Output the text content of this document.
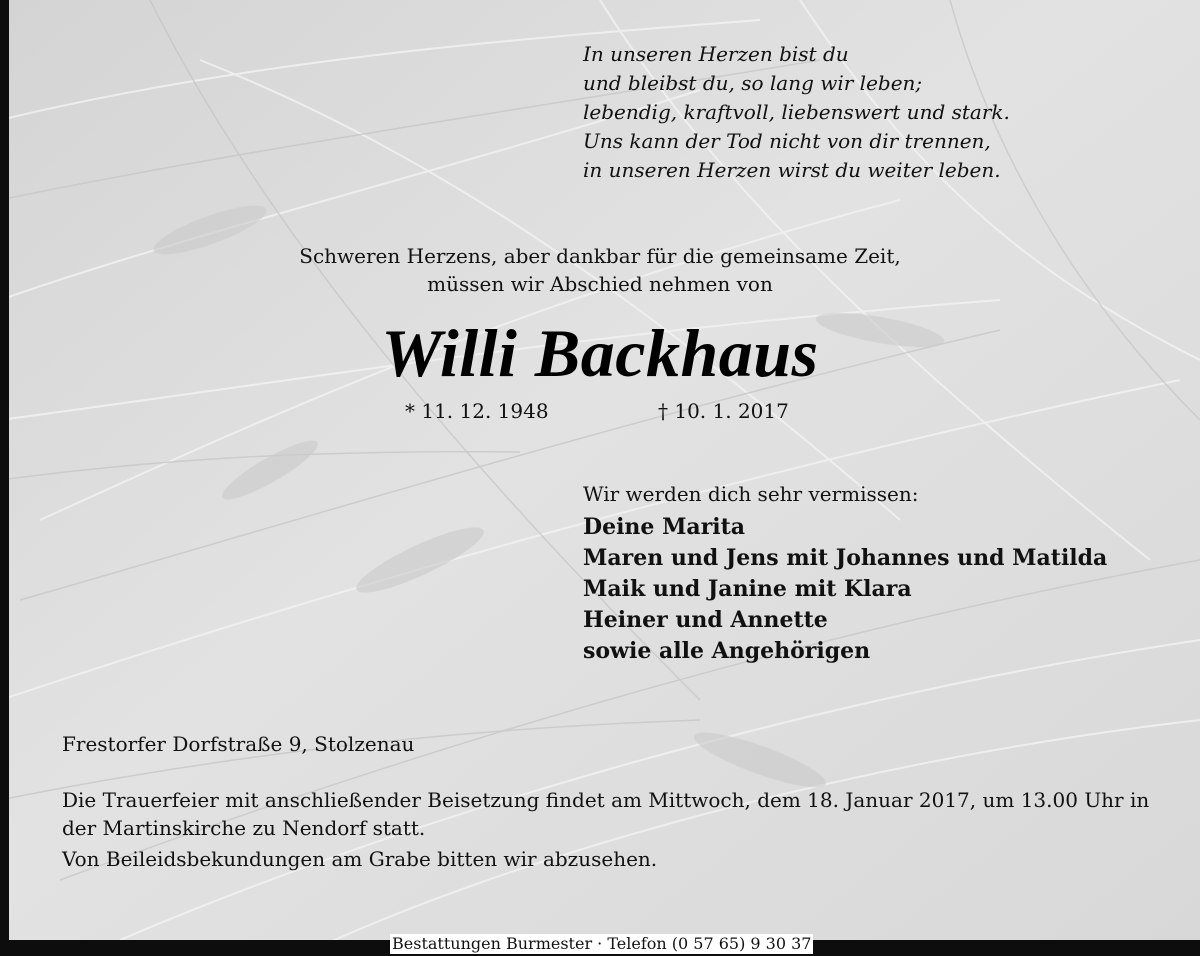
In unseren Herzen bist du
und bleibst du, so lang wir leben;
lebendig, kraftvoll, liebenswert und stark.
Uns kann der Tod nicht von dir trennen,
in unseren Herzen wirst du weiter leben.
Schweren Herzens, aber dankbar für die gemeinsame Zeit,
müssen wir Abschied nehmen von
Willi Backhaus
* 11. 12. 1948	† 10. 1. 2017
Wir werden dich sehr vermissen:
Deine Marita
Maren und Jens mit Johannes und Matilda
Maik und Janine mit Klara
Heiner und Annette
sowie alle Angehörigen
Frestorfer Dorfstraße 9, Stolzenau
Die Trauerfeier mit anschließender Beisetzung findet am Mittwoch, dem 18. Januar 2017, um 13.00 Uhr in der Martinskirche zu Nendorf statt.
Von Beileidsbekundungen am Grabe bitten wir abzusehen.
Bestattungen Burmester · Telefon (0 57 65) 9 30 37
